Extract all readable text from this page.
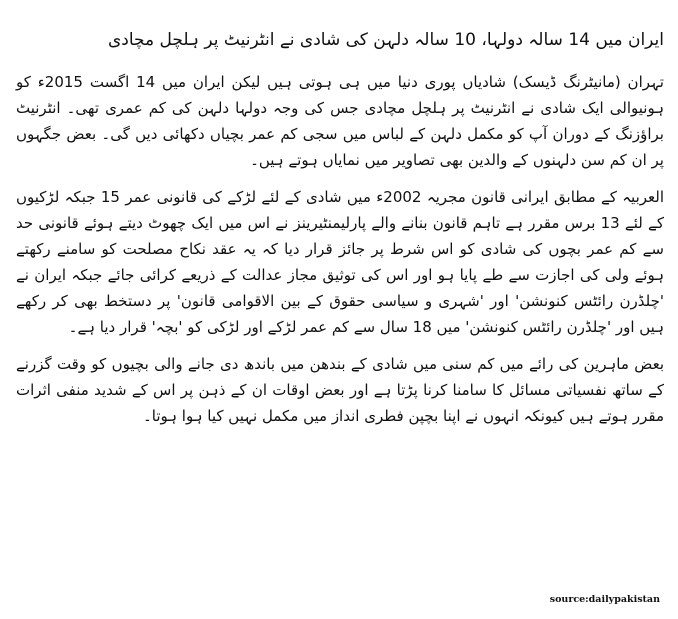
ایران میں 14 سالہ دولہا، 10 سالہ دلہن کی شادی نے انٹرنیٹ پر ہلچل مچادی

تہران (مانیٹرنگ ڈیسک) شادیاں پوری دنیا میں ہی ہوتی ہیں لیکن ایران میں 14 اگست 2015ء کو ہونیوالی ایک شادی نے انٹرنیٹ پر ہلچل مچادی جس کی وجہ دولہا دلہن کی کم عمری تھی۔ انٹرنیٹ براؤزنگ کے دوران آپ کو مکمل دلہن کے لباس میں سجی کم عمر بچیاں دکھائی دیں گی۔ بعض جگہوں پر ان کم سن دلہنوں کے والدین بھی تصاویر میں نمایاں ہوتے ہیں۔

العربیہ کے مطابق ایرانی قانون مجریہ 2002ء میں شادی کے لئے لڑکے کی قانونی عمر 15 جبکہ لڑکیوں کے لئے 13 برس مقرر ہے تاہم قانون بنانے والے پارلیمنٹیرینز نے اس میں ایک چھوٹ دیتے ہوئے قانونی حد سے کم عمر بچوں کی شادی کو اس شرط پر جائز قرار دیا کہ یہ عقد نکاح مصلحت کو سامنے رکھتے ہوئے ولی کی اجازت سے طے پایا ہو اور اس کی توثیق مجاز عدالت کے ذریعے کرائی جائے جبکہ ایران نے 'چلڈرن رائٹس کنونشن' اور 'شہری و سیاسی حقوق کے بین الاقوامی قانون' پر دستخط بھی کر رکھے ہیں اور 'چلڈرن رائٹس کنونشن' میں 18 سال سے کم عمر لڑکے اور لڑکی کو 'بچہ' قرار دیا ہے۔

بعض ماہرین کی رائے میں کم سنی میں شادی کے بندھن میں باندھ دی جانے والی بچیوں کو وقت گزرنے کے ساتھ نفسیاتی مسائل کا سامنا کرنا پڑتا ہے اور بعض اوقات ان کے ذہن پر اس کے شدید منفی اثرات مقرر ہوتے ہیں کیونکہ انہوں نے اپنا بچپن فطری انداز میں مکمل نہیں کیا ہوا ہوتا۔

source:dailypakistan
